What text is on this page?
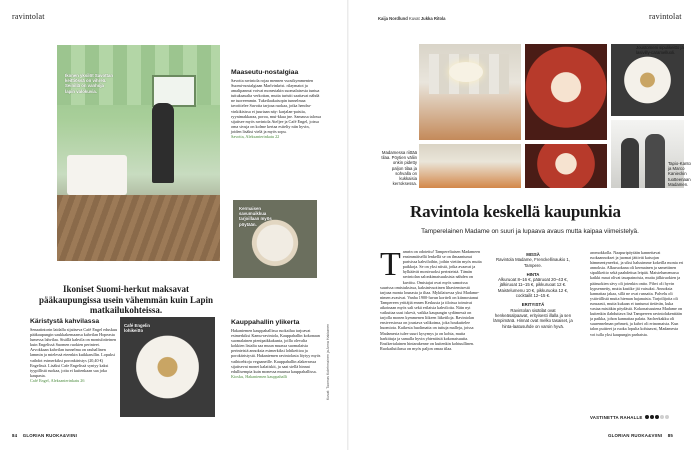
ravintolat
Ikonen yksilöt Savottan keittiössä on vihreä. Seinillä on vanhoja lapin valokuvia.
Maaseutu-nostalgiaa

Savotta ravintola rojaa mennen vuosikymmenten Suomi-nostalgiaan Marlvinkrist. rilaymatot ja amalipannut voivat monestakin suomalaisesta tuntua tuttukaasalta verkottan, mutta turistit saattavat nähdä ne tuoreemmin. Tukeilaakaisopin tunnelmaa tavoittelee Savotta tarjoaa ruokaa, jotka hendra-vinkikisissa ei juuriaan näy: karjalan-paistia, ryynimakkaraa, poroa, mui-kkua jne. Samassa talossa sijaitsee myös ravintola Ateljee ja Café Engel, joissa oma sivuja on kolme kertaa esitelty niin hyvin, joiden lisäksi vielä ja myös sopu.

Savotta, Aleksanterinkatu 22

Kermaisen savumuikkua tarjoillaan myös pöytään.
Ikoniset Suomi-herkut maksavat pääkaupungissa usein vähemmän kuin Lapin matkailukohteissa.
Käristystä kahvilassa

Senaatintorin laidalla sijaitseva Café Engel eduskuu pääkaupungin saukkakemaansa kahvilan Hopeasta lumessa lahvilaa. Sisällä kahvila on moniulotteinen kuin Engelissä Suomen ruokien perinteet. Arvokkaan kahvilan tunnelma on rauhallinen lammin ja mielessä eteenkin kuikkarullin. Lopuksi vaihdot esimerkiksi poronkäristys (20,40 €) Engelissä. Lisäksi Cafe Engelissä syntyy kaksi tyypillistä ruokaa, joita ei kuitenkaan saa joka kaupasta.

Café Engel, Aleksanterinkatu 26

Café Engelin lohikeitto
Kauppahallin ylikerta

Hakaniemen kauppahallissa ruokailua tarjoavat esimerkiksi Kamu-ravintola, Kauppahallin kokonaan suomalainen pienipaikkakunta, joilla olevalta kokkien listalta saa muun muassa suomalaisia perinteisiä annoksia esimerkiksi lohikeittoa ja porokäristystä. Hakaniemen ravintolasta löytyy myös vaihtoehtoja vegaaneille. Kauppahallin alakerrassa sijaitsevat monet kalatiskit, ja saat siellä hinnat edullisempia kuin monessa muussa kauppahallissa.

Kiosku, Hakaniemen kauppahalli	Kuvat: Tuomas Kolehmainen ja Anna Hakkanen
84 GLORIAN RUOKA&VIINI
ravintolat
Kaija Nordlund Kuvat Jukka Ritola
Joustomeni sipulikeitto ja lasivilly-caramelluoli.
Madamessa riittää tilaa. Pöytien väliin onkin pidetty paljon tilaa ja sohvalla on kukkaisia kerroksessa.
Tapio-Kanto ja Marco Kanieckin tuotteenaan Madamen.
Ravintola keskellä kaupunkia
Tamperelainen Madame on suuri ja lupaava avaus mutta kaipaa viimeistelyä.
T amrin on odotettu! Tampereliaisen Madameen ensimmäisellä lenkellä se on ilmaantunut parisissa kahviloihin, joihin vietiin myös muita paikkoja. Se on yksi niistä, jotka avaavat ja hylkäävät monivuoksi perinteistä. Tämän ravintolan salonkimaisuuksista nähden on kuvittu. Omistajat ovat myös samoissa suurissa omistuksissa, kaksinivuotinen lihaviemisestä tarjoaa monta lounasta ja iltaa. Mykilaisessa yksi Madame-nimen avasivat. Vanha 1900-luvun kortteli on kiinnostanut Tampereen yrittäjiä ennen Keskusta ja tiloissa toimivat aikoinaan myös sali sekä erilaisia kahviloita. Näin nyt vaikuttaa uusi iskevä, vaikka kaupungin sydämessä on tarjolla monen kymmenen liikeen liiketiloja. Ravintolan ensiversiossa on joustava valikoima, joka houkuttelee huomiota. Kaikesta huolimatta on tuttuja malleja, joissa Madamesta tulee suuri kysymys ja on kohta, mutta harkittuja ja samalla hyvin yhtenäistä kokonaisuutta. Ensikertalainen hintarakenne on kuitenkin kohtuullinen. Ruokailutilassa on myös paljon omaa tilaa.

MISSÄ
Ravintola Madame, Frenckellinaukio 1, Tampere.
HINTA
Alkuruoat 8–16 €, pääruoat 20–43 €, jälkiruoat 11–15 €, pikkuruoat 12 €. Maistelumenu 10 €, pikkuruoka 12 €, cocktailit 12–15 €.
ERITYISTÄ
Ravintolan sisätilat ovat henkeäsalpaavat, erityisesti illalla ja sen lämpimänä. Hinnat ovat melko tasaiset, ja hinta-laatusuhde on varsin hyvä.

aromokkolla. Naapuripöytään kannettavat ruokaannokset ja juomat jättivät katsojan hämmentyneeksi, ja siksi halusimme kokeilla monia eri annoksia. Alkuruokana oli kermainen ja samettinen sipulikeitto sekä paahdettua leipää. Maistelumenussa kaikki maut olivat tasapainoisia, mutta jälkiruokien ja pääruokien sävy oli jotenkin ontto. Pihvi oli hyvin kypsennetty, mutta kastike jäi vaisuksi. Annoksia kannattaa jakaa, sillä ne ovat runsaita. Palvelu oli ystävällistä mutta hieman hajanaista. Tarjoilijoita oli runsaasti, mutta kukaan ei tuntunut tietävän, kuka vastaa mistäkin pöydästä. Kokonaisuutena Madame on kuitenkin ilahduttava lisä Tampereen ravintolakenttään ja paikka, johon kannattaa palata. Sacherkakku oli suurennelman pehmeä, ja kahvi oli erinomaista. Kun talon puitteet ja ruoka lopulta kohtaavat, Madamesta voi tulla yksi kaupungin parhaista.

VASTINETTA RAHALLE
GLORIAN RUOKA&VIINI 85
